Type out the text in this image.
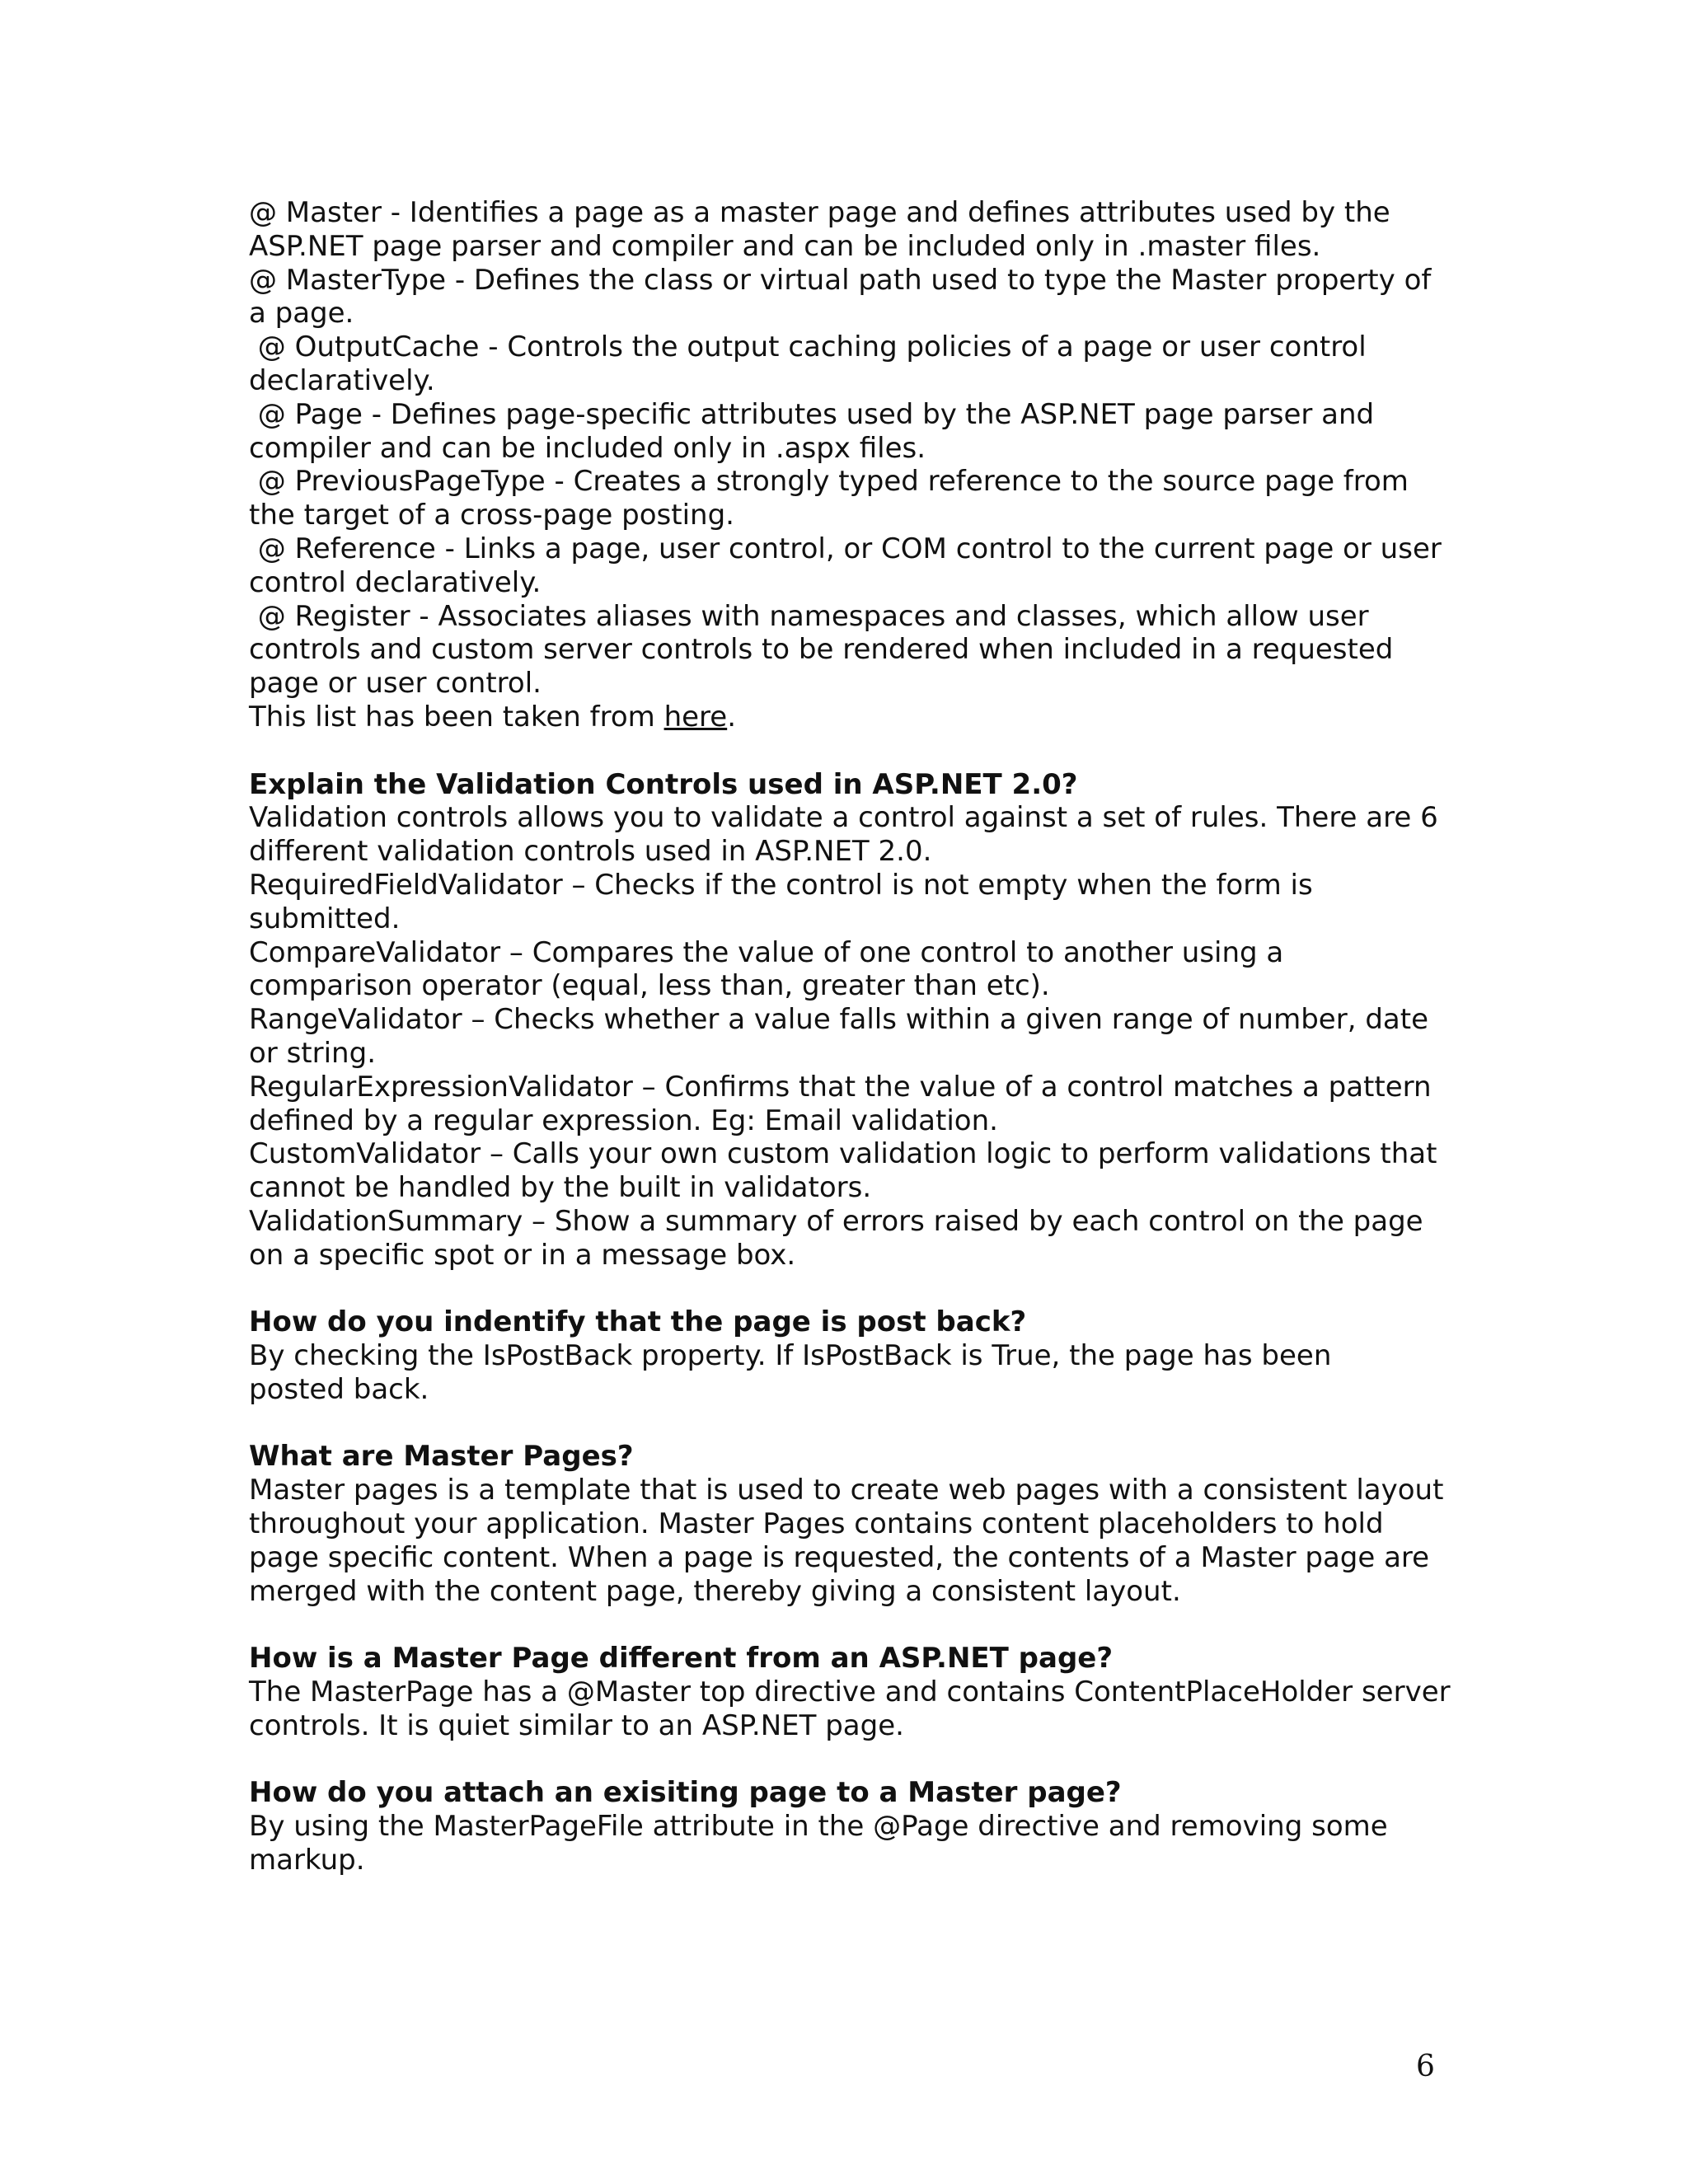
@ Master - Identifies a page as a master page and defines attributes used by the
ASP.NET page parser and compiler and can be included only in .master files.
@ MasterType - Defines the class or virtual path used to type the Master property of
a page.
@ OutputCache - Controls the output caching policies of a page or user control
declaratively.
@ Page - Defines page-specific attributes used by the ASP.NET page parser and
compiler and can be included only in .aspx files.
@ PreviousPageType - Creates a strongly typed reference to the source page from
the target of a cross-page posting.
@ Reference - Links a page, user control, or COM control to the current page or user
control declaratively.
@ Register - Associates aliases with namespaces and classes, which allow user
controls and custom server controls to be rendered when included in a requested
page or user control.
This list has been taken from here.
Explain the Validation Controls used in ASP.NET 2.0?
Validation controls allows you to validate a control against a set of rules. There are 6
different validation controls used in ASP.NET 2.0.
RequiredFieldValidator – Checks if the control is not empty when the form is
submitted.
CompareValidator – Compares the value of one control to another using a
comparison operator (equal, less than, greater than etc).
RangeValidator – Checks whether a value falls within a given range of number, date
or string.
RegularExpressionValidator – Confirms that the value of a control matches a pattern
defined by a regular expression. Eg: Email validation.
CustomValidator – Calls your own custom validation logic to perform validations that
cannot be handled by the built in validators.
ValidationSummary – Show a summary of errors raised by each control on the page
on a specific spot or in a message box.
How do you indentify that the page is post back?
By checking the IsPostBack property. If IsPostBack is True, the page has been
posted back.
What are Master Pages?
Master pages is a template that is used to create web pages with a consistent layout
throughout your application. Master Pages contains content placeholders to hold
page specific content. When a page is requested, the contents of a Master page are
merged with the content page, thereby giving a consistent layout.
How is a Master Page different from an ASP.NET page?
The MasterPage has a @Master top directive and contains ContentPlaceHolder server
controls. It is quiet similar to an ASP.NET page.
How do you attach an exisiting page to a Master page?
By using the MasterPageFile attribute in the @Page directive and removing some
markup.
6
